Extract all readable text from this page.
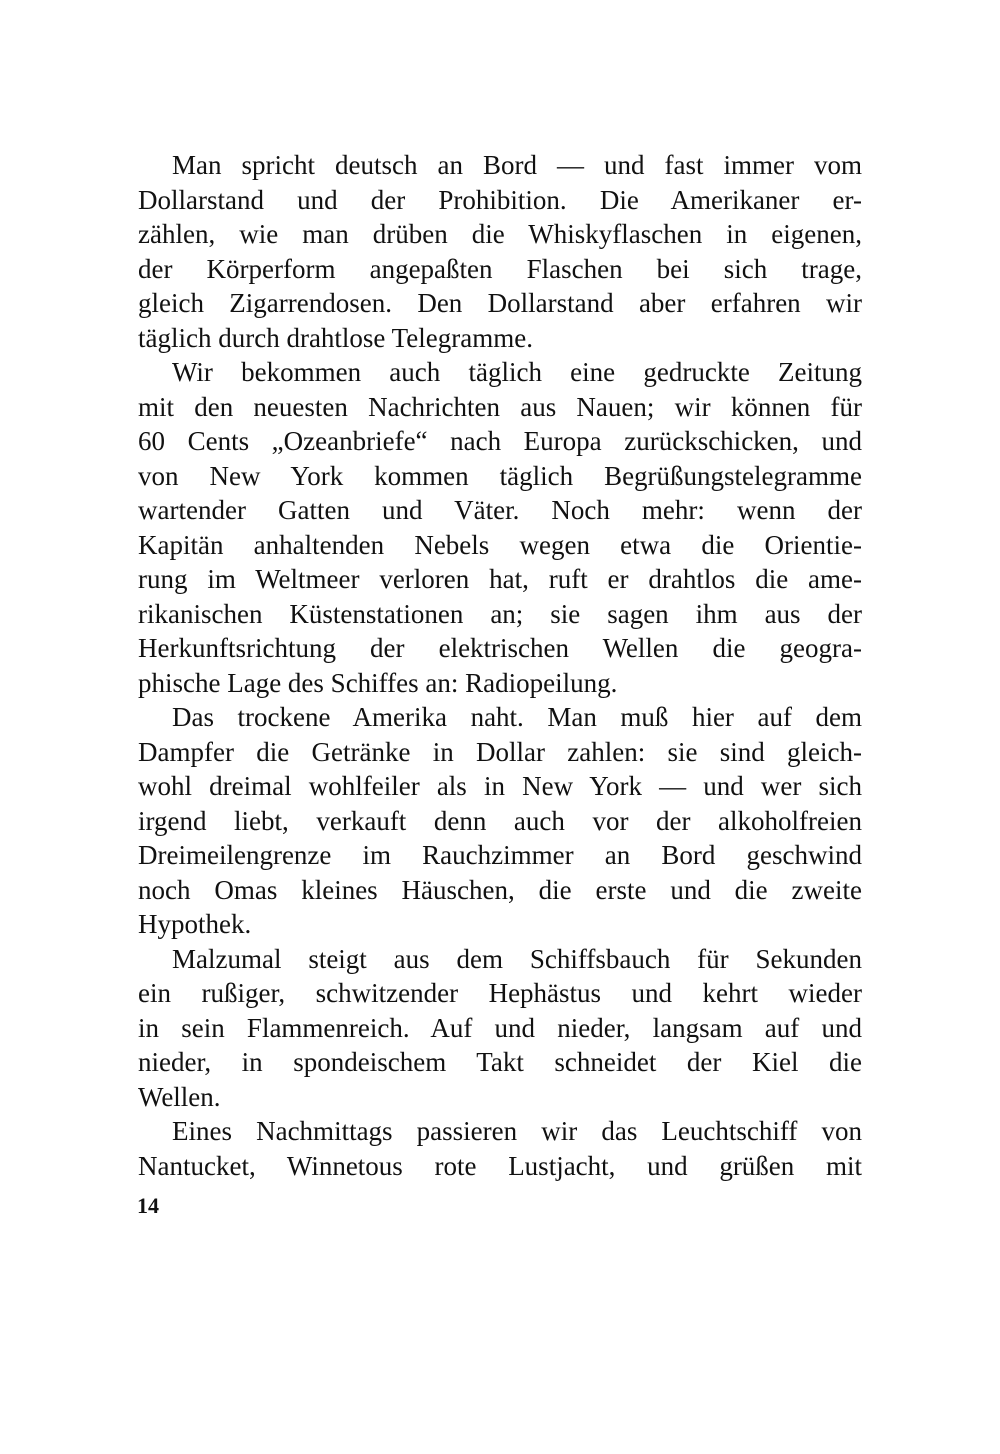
Man spricht deutsch an Bord — und fast immer vom
Dollarstand und der Prohibition. Die Amerikaner er-
zählen, wie man drüben die Whiskyflaschen in eigenen,
der Körperform angepaßten Flaschen bei sich trage,
gleich Zigarrendosen. Den Dollarstand aber erfahren wir
täglich durch drahtlose Telegramme.
Wir bekommen auch täglich eine gedruckte Zeitung
mit den neuesten Nachrichten aus Nauen; wir können für
60 Cents „Ozeanbriefe“ nach Europa zurückschicken, und
von New York kommen täglich Begrüßungstelegramme
wartender Gatten und Väter. Noch mehr: wenn der
Kapitän anhaltenden Nebels wegen etwa die Orientie-
rung im Weltmeer verloren hat, ruft er drahtlos die ame-
rikanischen Küstenstationen an; sie sagen ihm aus der
Herkunftsrichtung der elektrischen Wellen die geogra-
phische Lage des Schiffes an: Radiopeilung.
Das trockene Amerika naht. Man muß hier auf dem
Dampfer die Getränke in Dollar zahlen: sie sind gleich-
wohl dreimal wohlfeiler als in New York — und wer sich
irgend liebt, verkauft denn auch vor der alkoholfreien
Dreimeilengrenze im Rauchzimmer an Bord geschwind
noch Omas kleines Häuschen, die erste und die zweite
Hypothek.
Malzumal steigt aus dem Schiffsbauch für Sekunden
ein rußiger, schwitzender Hephästus und kehrt wieder
in sein Flammenreich. Auf und nieder, langsam auf und
nieder, in spondeischem Takt schneidet der Kiel die
Wellen.
Eines Nachmittags passieren wir das Leuchtschiff von
Nantucket, Winnetous rote Lustjacht, und grüßen mit
14
